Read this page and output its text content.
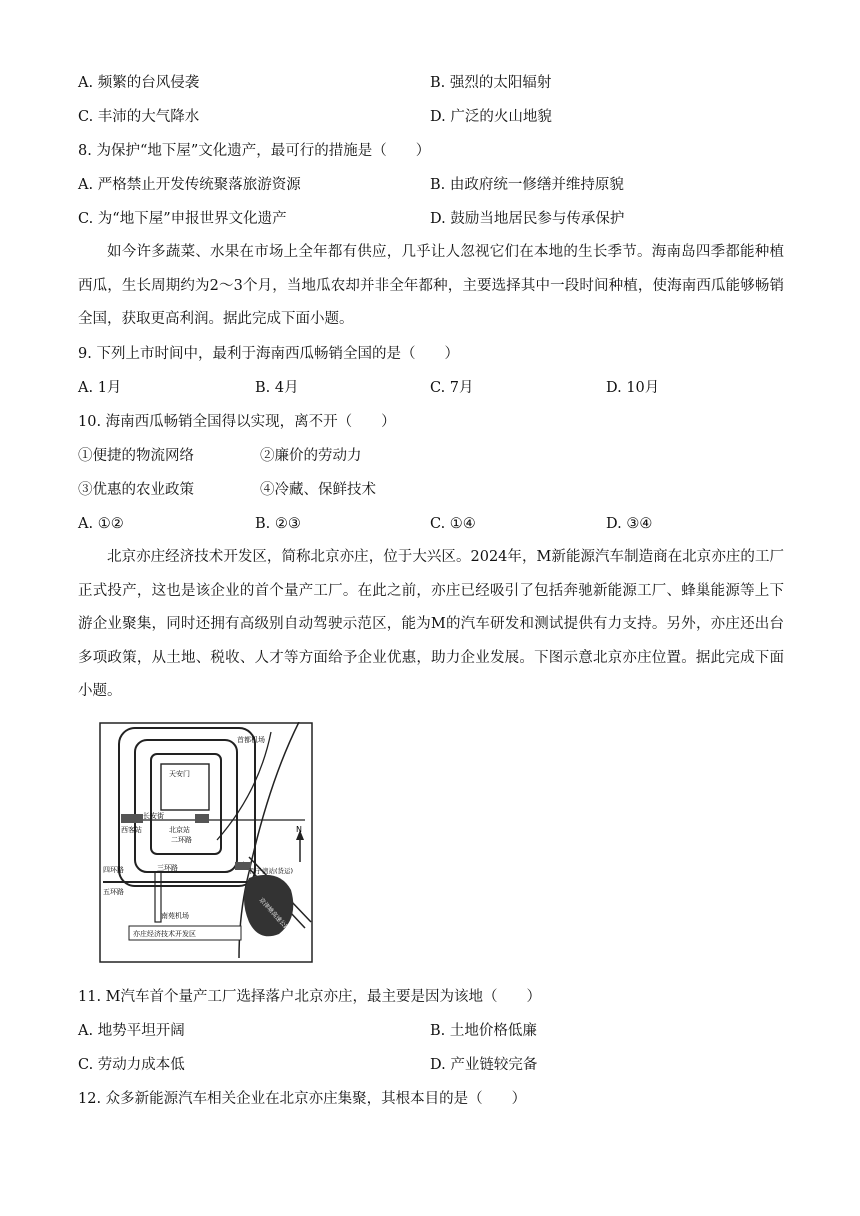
A. 频繁的台风侵袭	B. 强烈的太阳辐射
C. 丰沛的大气降水	D. 广泛的火山地貌
8. 为保护“地下屋”文化遗产，最可行的措施是（　　）
A. 严格禁止开发传统聚落旅游资源	B. 由政府统一修缮并维持原貌
C. 为“地下屋”申报世界文化遗产	D. 鼓励当地居民参与传承保护

如今许多蔬菜、水果在市场上全年都有供应，几乎让人忽视它们在本地的生长季节。海南岛四季都能种植西瓜，生长周期约为2～3个月，当地瓜农却并非全年都种，主要选择其中一段时间种植，使海南西瓜能够畅销全国，获取更高利润。据此完成下面小题。

9. 下列上市时间中，最利于海南西瓜畅销全国的是（　　）
A. 1月	B. 4月	C. 7月	D. 10月
10. 海南西瓜畅销全国得以实现，离不开（　　）
①便捷的物流网络	②廉价的劳动力
③优惠的农业政策	④冷藏、保鲜技术
A. ①②	B. ②③	C. ①④	D. ③④

北京亦庄经济技术开发区，简称北京亦庄，位于大兴区。2024年，M新能源汽车制造商在北京亦庄的工厂正式投产，这也是该企业的首个量产工厂。在此之前，亦庄已经吸引了包括奔驰新能源工厂、蜂巢能源等上下游企业聚集，同时还拥有高级别自动驾驶示范区，能为M的汽车研发和测试提供有力支持。另外，亦庄还出台多项政策，从土地、税收、人才等方面给予企业优惠，助力企业发展。下图示意北京亦庄位置。据此完成下面小题。

N
首都机场
天安门
长安街
西客站	北京站
二环路
三环路
四环路
五环路
百子湾站(货运)
南苑机场
亦庄经济技术开发区
京津塘高速公路
11. M汽车首个量产工厂选择落户北京亦庄，最主要是因为该地（　　）
A. 地势平坦开阔	B. 土地价格低廉
C. 劳动力成本低	D. 产业链较完备
12. 众多新能源汽车相关企业在北京亦庄集聚，其根本目的是（　　）
